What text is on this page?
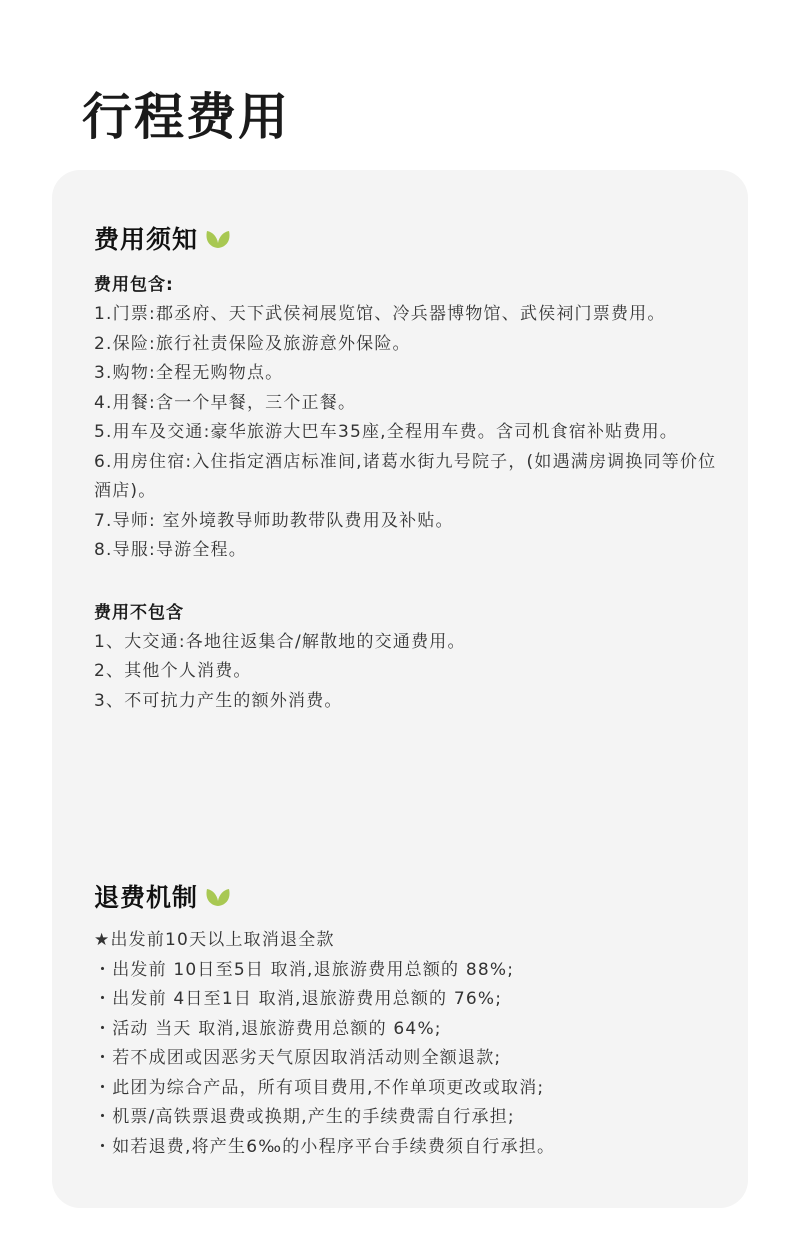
行程费用
费用须知
费用包含:
1.门票:郡丞府、天下武侯祠展览馆、冷兵器博物馆、武侯祠门票费用。
2.保险:旅行社责保险及旅游意外保险。
3.购物:全程无购物点。
4.用餐:含一个早餐，三个正餐。
5.用车及交通:豪华旅游大巴车35座,全程用车费。含司机食宿补贴费用。
6.用房住宿:入住指定酒店标准间,诸葛水街九号院子，(如遇满房调换同等价位酒店)。
7.导师: 室外境教导师助教带队费用及补贴。
8.导服:导游全程。
费用不包含
1、大交通:各地往返集合/解散地的交通费用。
2、其他个人消费。
3、不可抗力产生的额外消费。
退费机制
★出发前10天以上取消退全款
・出发前 10日至5日 取消,退旅游费用总额的 88%;
・出发前 4日至1日 取消,退旅游费用总额的 76%;
・活动 当天 取消,退旅游费用总额的 64%;
・若不成团或因恶劣天气原因取消活动则全额退款;
・此团为综合产品，所有项目费用,不作单项更改或取消;
・机票/高铁票退费或换期,产生的手续费需自行承担;
・如若退费,将产生6‰的小程序平台手续费须自行承担。
